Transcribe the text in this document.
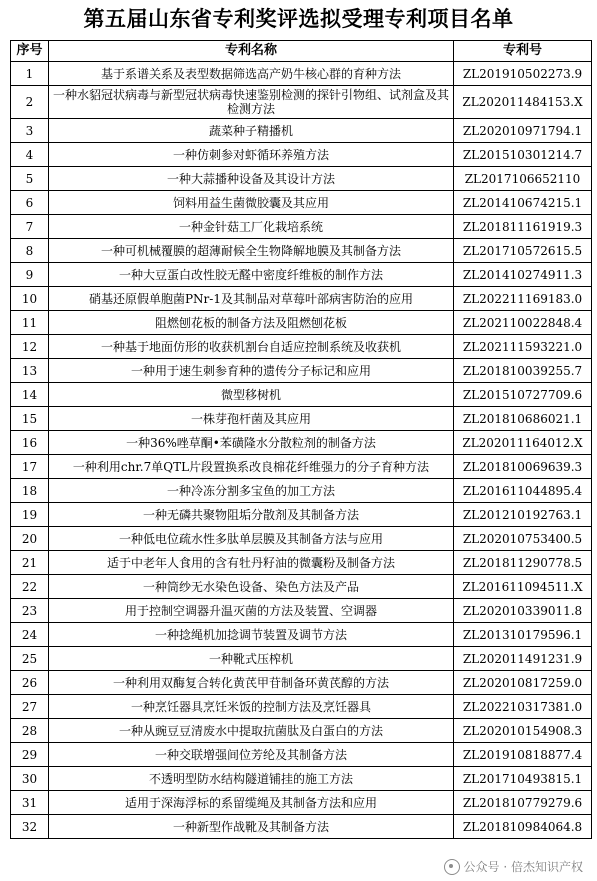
第五届山东省专利奖评选拟受理专利项目名单
序号	专利名称	专利号
1	基于系谱关系及表型数据筛选高产奶牛核心群的育种方法	ZL201910502273.9
2	一种水貂冠状病毒与新型冠状病毒快速鉴别检测的探针引物组、试剂盒及其检测方法	ZL202011484153.X
3	蔬菜种子精播机	ZL202010971794.1
4	一种仿刺参对虾循环养殖方法	ZL201510301214.7
5	一种大蒜播种设备及其设计方法	ZL2017106652110
6	饲料用益生菌微胶囊及其应用	ZL201410674215.1
7	一种金针菇工厂化栽培系统	ZL201811161919.3
8	一种可机械覆膜的超薄耐候全生物降解地膜及其制备方法	ZL201710572615.5
9	一种大豆蛋白改性胶无醛中密度纤维板的制作方法	ZL201410274911.3
10	硝基还原假单胞菌PNr-1及其制品对草莓叶部病害防治的应用	ZL202211169183.0
11	阻燃刨花板的制备方法及阻燃刨花板	ZL202110022848.4
12	一种基于地面仿形的收获机割台自适应控制系统及收获机	ZL202111593221.0
13	一种用于速生刺参育种的遗传分子标记和应用	ZL201810039255.7
14	微型移树机	ZL201510727709.6
15	一株芽孢杆菌及其应用	ZL201810686021.1
16	一种36%唑草酮•苯磺隆水分散粒剂的制备方法	ZL202011164012.X
17	一种利用chr.7单QTL片段置换系改良棉花纤维强力的分子育种方法	ZL201810069639.3
18	一种冷冻分割多宝鱼的加工方法	ZL201611044895.4
19	一种无磷共聚物阻垢分散剂及其制备方法	ZL201210192763.1
20	一种低电位疏水性多肽单层膜及其制备方法与应用	ZL202010753400.5
21	适于中老年人食用的含有牡丹籽油的微囊粉及制备方法	ZL201811290778.5
22	一种筒纱无水染色设备、染色方法及产品	ZL201611094511.X
23	用于控制空调器升温灭菌的方法及装置、空调器	ZL202010339011.8
24	一种捻绳机加捻调节装置及调节方法	ZL201310179596.1
25	一种靴式压榨机	ZL202011491231.9
26	一种利用双酶复合转化黄芪甲苷制备环黄芪醇的方法	ZL202010817259.0
27	一种烹饪器具烹饪米饭的控制方法及烹饪器具	ZL202210317381.0
28	一种从豌豆豆清废水中提取抗菌肽及白蛋白的方法	ZL202010154908.3
29	一种交联增强间位芳纶及其制备方法	ZL201910818877.4
30	不透明型防水结构隧道铺挂的施工方法	ZL201710493815.1
31	适用于深海浮标的系留缆绳及其制备方法和应用	ZL201810779279.6
32	一种新型作战靴及其制备方法	ZL201810984064.8
公众号 · 倍杰知识产权
